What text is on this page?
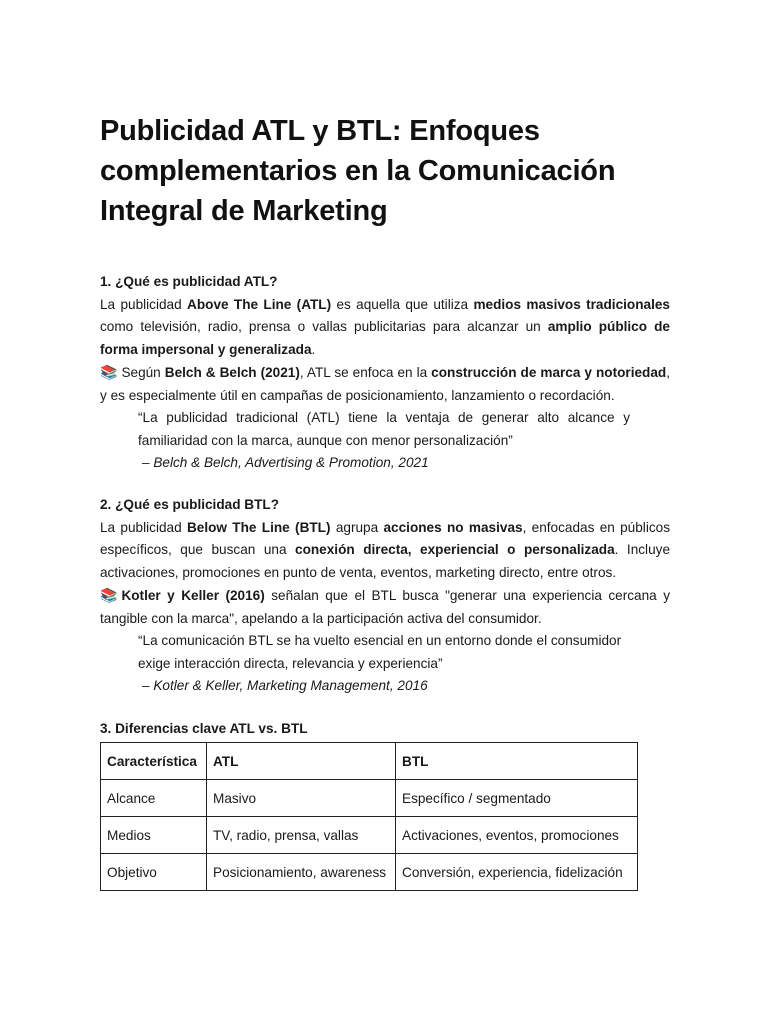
Publicidad ATL y BTL: Enfoques complementarios en la Comunicación Integral de Marketing
1. ¿Qué es publicidad ATL?

La publicidad Above The Line (ATL) es aquella que utiliza medios masivos tradicionales como televisión, radio, prensa o vallas publicitarias para alcanzar un amplio público de forma impersonal y generalizada.

📚 Según Belch & Belch (2021), ATL se enfoca en la construcción de marca y notoriedad, y es especialmente útil en campañas de posicionamiento, lanzamiento o recordación.

“La publicidad tradicional (ATL) tiene la ventaja de generar alto alcance y familiaridad con la marca, aunque con menor personalización”

– Belch & Belch, Advertising & Promotion, 2021
2. ¿Qué es publicidad BTL?

La publicidad Below The Line (BTL) agrupa acciones no masivas, enfocadas en públicos específicos, que buscan una conexión directa, experiencial o personalizada. Incluye activaciones, promociones en punto de venta, eventos, marketing directo, entre otros.

📚 Kotler y Keller (2016) señalan que el BTL busca "generar una experiencia cercana y tangible con la marca", apelando a la participación activa del consumidor.

“La comunicación BTL se ha vuelto esencial en un entorno donde el consumidor
exige interacción directa, relevancia y experiencia”
– Kotler & Keller, Marketing Management, 2016
3. Diferencias clave ATL vs. BTL
Característica	ATL	BTL
Alcance	Masivo	Específico / segmentado
Medios	TV, radio, prensa, vallas	Activaciones, eventos, promociones
Objetivo	Posicionamiento, awareness	Conversión, experiencia, fidelización
